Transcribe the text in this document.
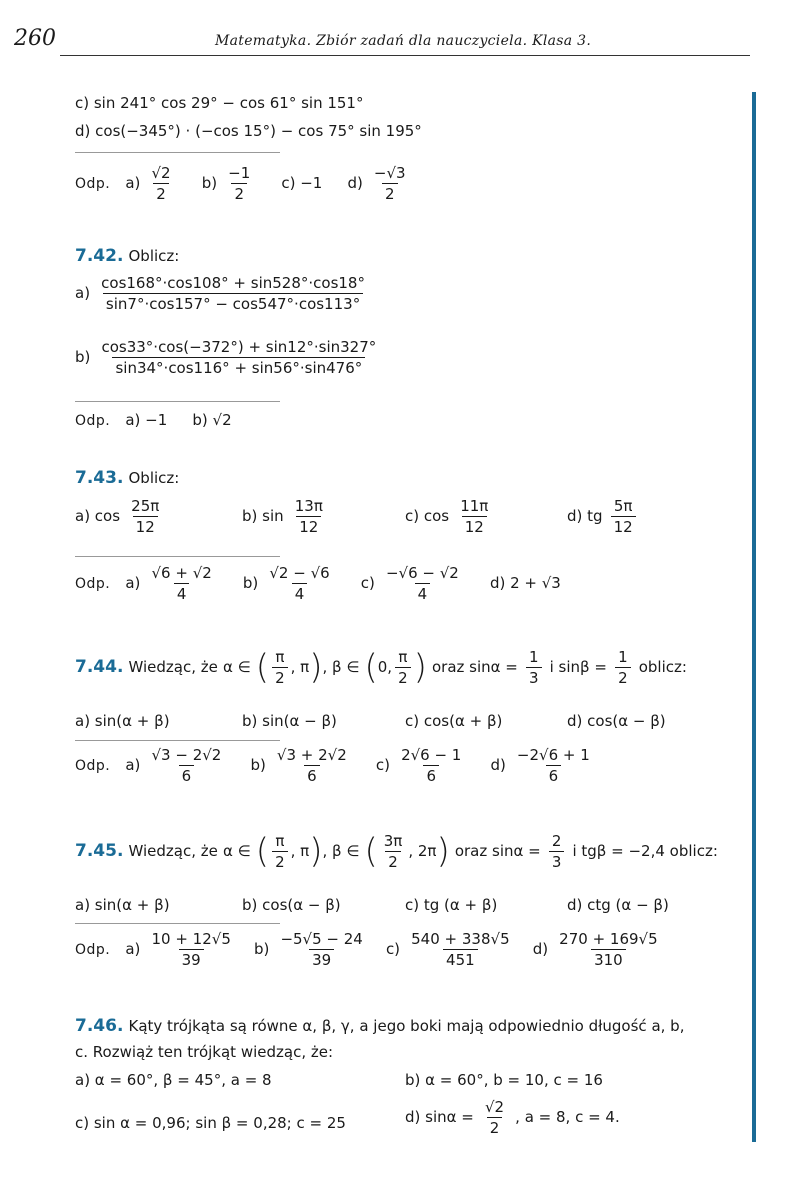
260	Matematyka. Zbiór zadań dla nauczyciela. Klasa 3.
c) sin 241° cos 29° − cos 61° sin 151°
d) cos(−345°) · (−cos 15°) − cos 75° sin 195°
Odp. $a) \frac{√2}{2} b) \frac{-1}{2} c) -1$ $d) \frac{-√3}{2}$
7.42. Oblicz:
$a) \frac{\cos 168^\circ\cdot\cos 108^\circ + \sin 528^\circ\cdot\cos 18^\circ}{\sin 7^\circ\cdot\cos 157^\circ - \cos 547^\circ\cdot\cos 113^\circ}$
$b) \frac{\cos 33^\circ\cdot\cos(-372^\circ) + \sin 12^\circ\cdot\sin 327^\circ}{\sin 34^\circ\cdot\cos 116^\circ + \sin 56^\circ\cdot\sin 476^\circ}$
Odp. a) −1 b) √2
7.43. Oblicz:
a) $\cos \frac{25\pi}{12}$	b) $\sin \frac{13\pi}{12}$	c) $\cos \frac{11\pi}{12}$	d) tg $\frac{5\pi}{12}$
Odp. $a) \frac{√6 + √2}{4} b) \frac{√2 - √6}{4} c) \frac{-√6 - √2}{4} d$) 2 + √3
7.44. Wiedząc, że α ∈ ( $\frac{\pi}{2}$ , π), β ∈ (0, $\frac{\pi}{2}$ ) oraz $\sin\alpha = \frac{1}{3}$ i $\sin\beta = \frac{1}{2}$ oblicz:
a) sin(α + β)	b) sin(α − β)	c) cos(α + β)	d) cos(α − β)
Odp. $a) \frac{√3 - 2√2}{6} b) \frac{√3 + 2√2}{6} c) \frac{2√6 - 1}{6} d) \frac{-2√6 + 1}{6}$
7.45. Wiedząc, że α ∈ ( $\frac{\pi}{2}$ , π), β ∈ ( $\frac{3\pi}{2}$ , 2π) oraz $\sin\alpha = \frac{2}{3}$ i tgβ = −2,4 oblicz:
a) sin(α + β)	b) cos(α − β)	c) tg (α + β)	d) ctg (α − β)
Odp. $a) \frac{10 + 12√5}{39} b) \frac{-5√5 - 24}{39} c) \frac{540 + 338√5}{451} d) \frac{270 + 169√5}{310}$
7.46. Kąty trójkąta są równe α, β, γ, a jego boki mają odpowiednio długość a, b,
c. Rozwiąż ten trójkąt wiedząc, że:
a) α = 60°, β = 45°, a = 8	b) α = 60°, b = 10, c = 16
c) sin α = 0,96; sin β = 0,28; c = 25	d) $\sin\alpha = \frac{√2}{2}$ , a = 8, c = 4.
